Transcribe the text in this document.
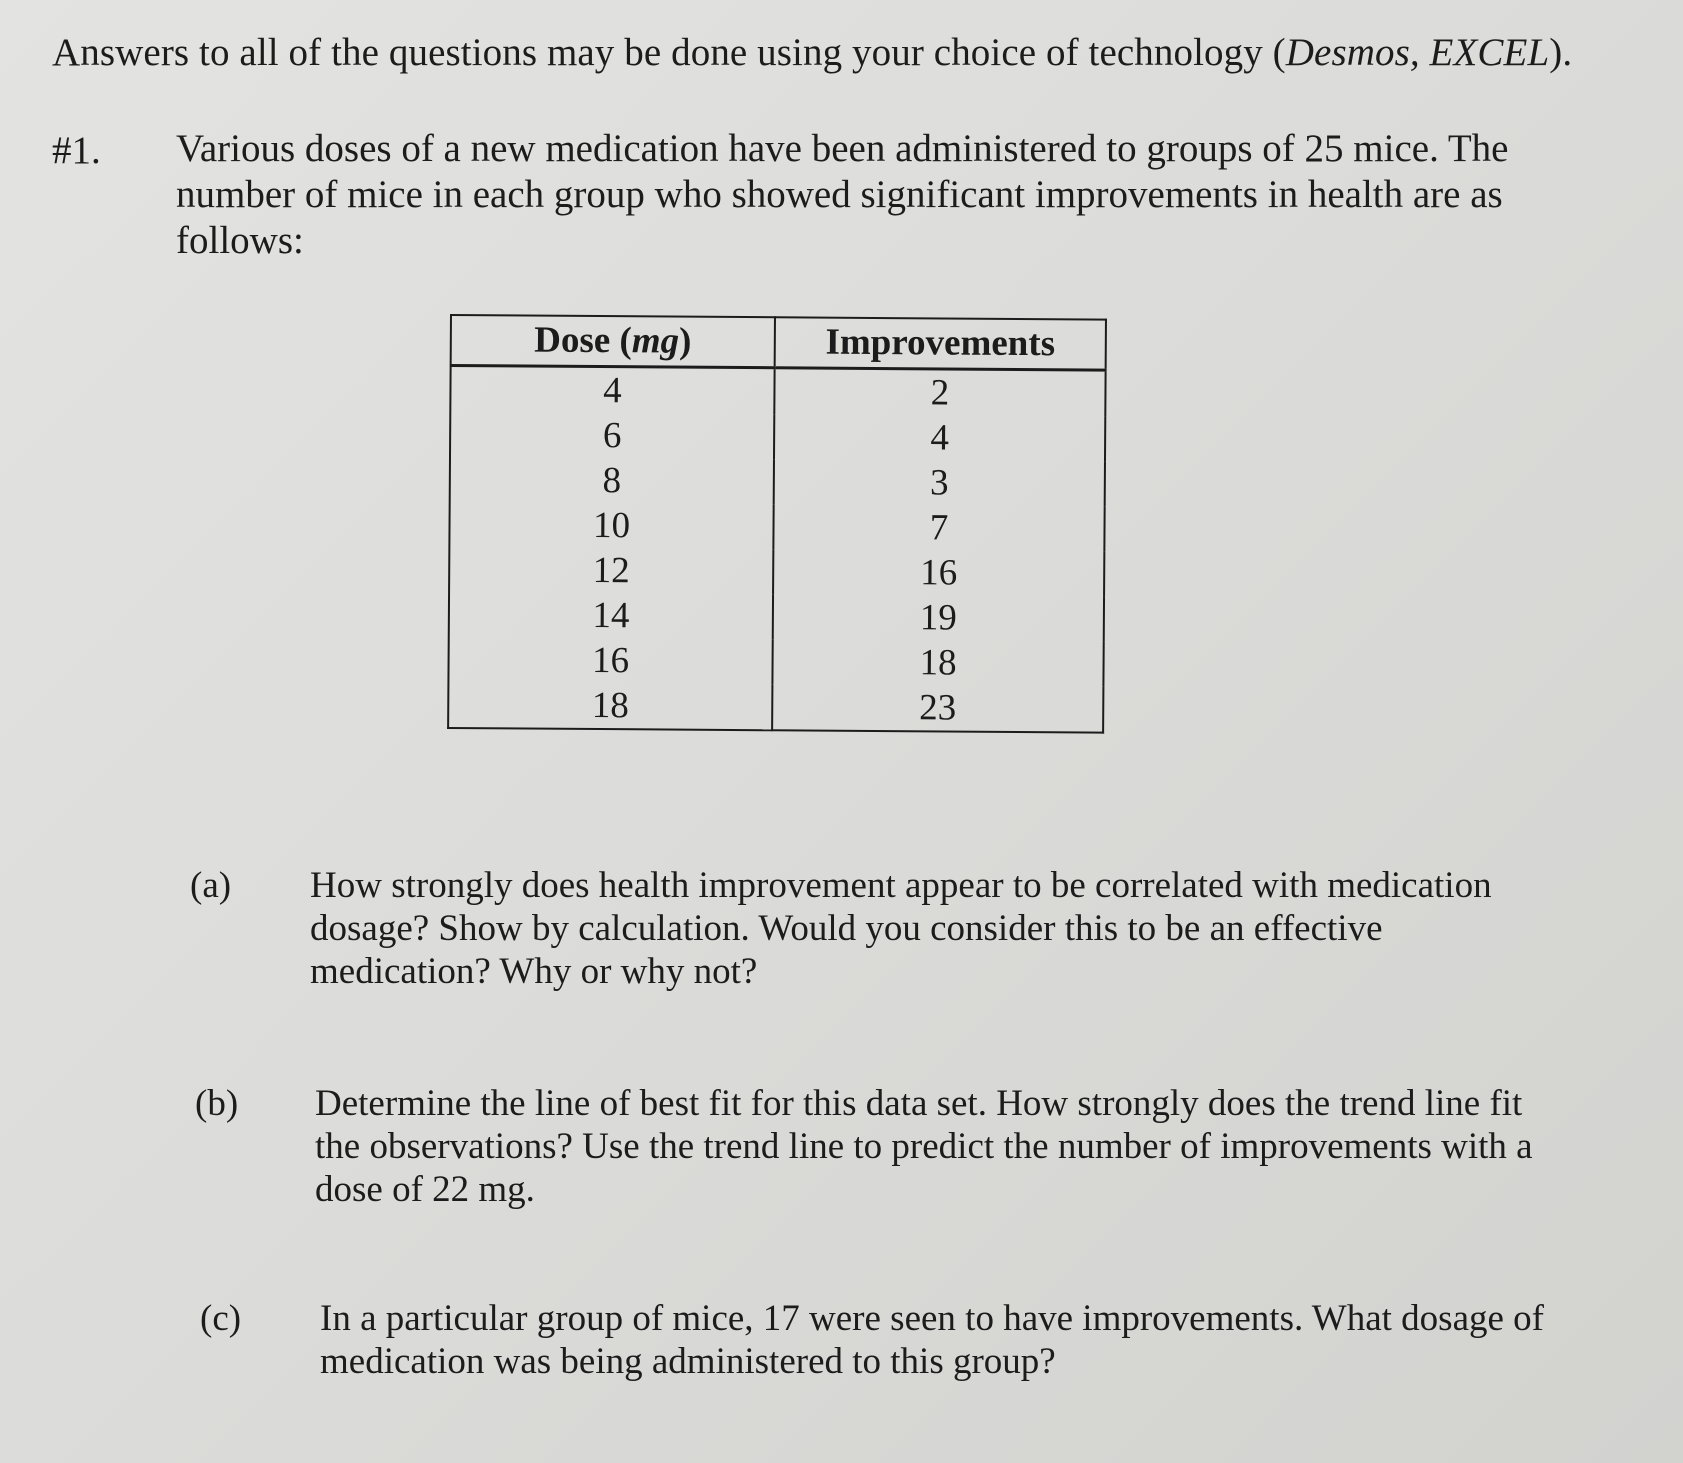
Answers to all of the questions may be done using your choice of technology (Desmos, EXCEL).
#1. Various doses of a new medication have been administered to groups of 25 mice. The number of mice in each group who showed significant improvements in health are as follows:
Dose (mg)	Improvements
4	2
6	4
8	3
10	7
12	16
14	19
16	18
18	23
(a) How strongly does health improvement appear to be correlated with medication dosage? Show by calculation. Would you consider this to be an effective medication? Why or why not?
(b) Determine the line of best fit for this data set. How strongly does the trend line fit the observations? Use the trend line to predict the number of improvements with a dose of 22 mg.
(c) In a particular group of mice, 17 were seen to have improvements. What dosage of medication was being administered to this group?
